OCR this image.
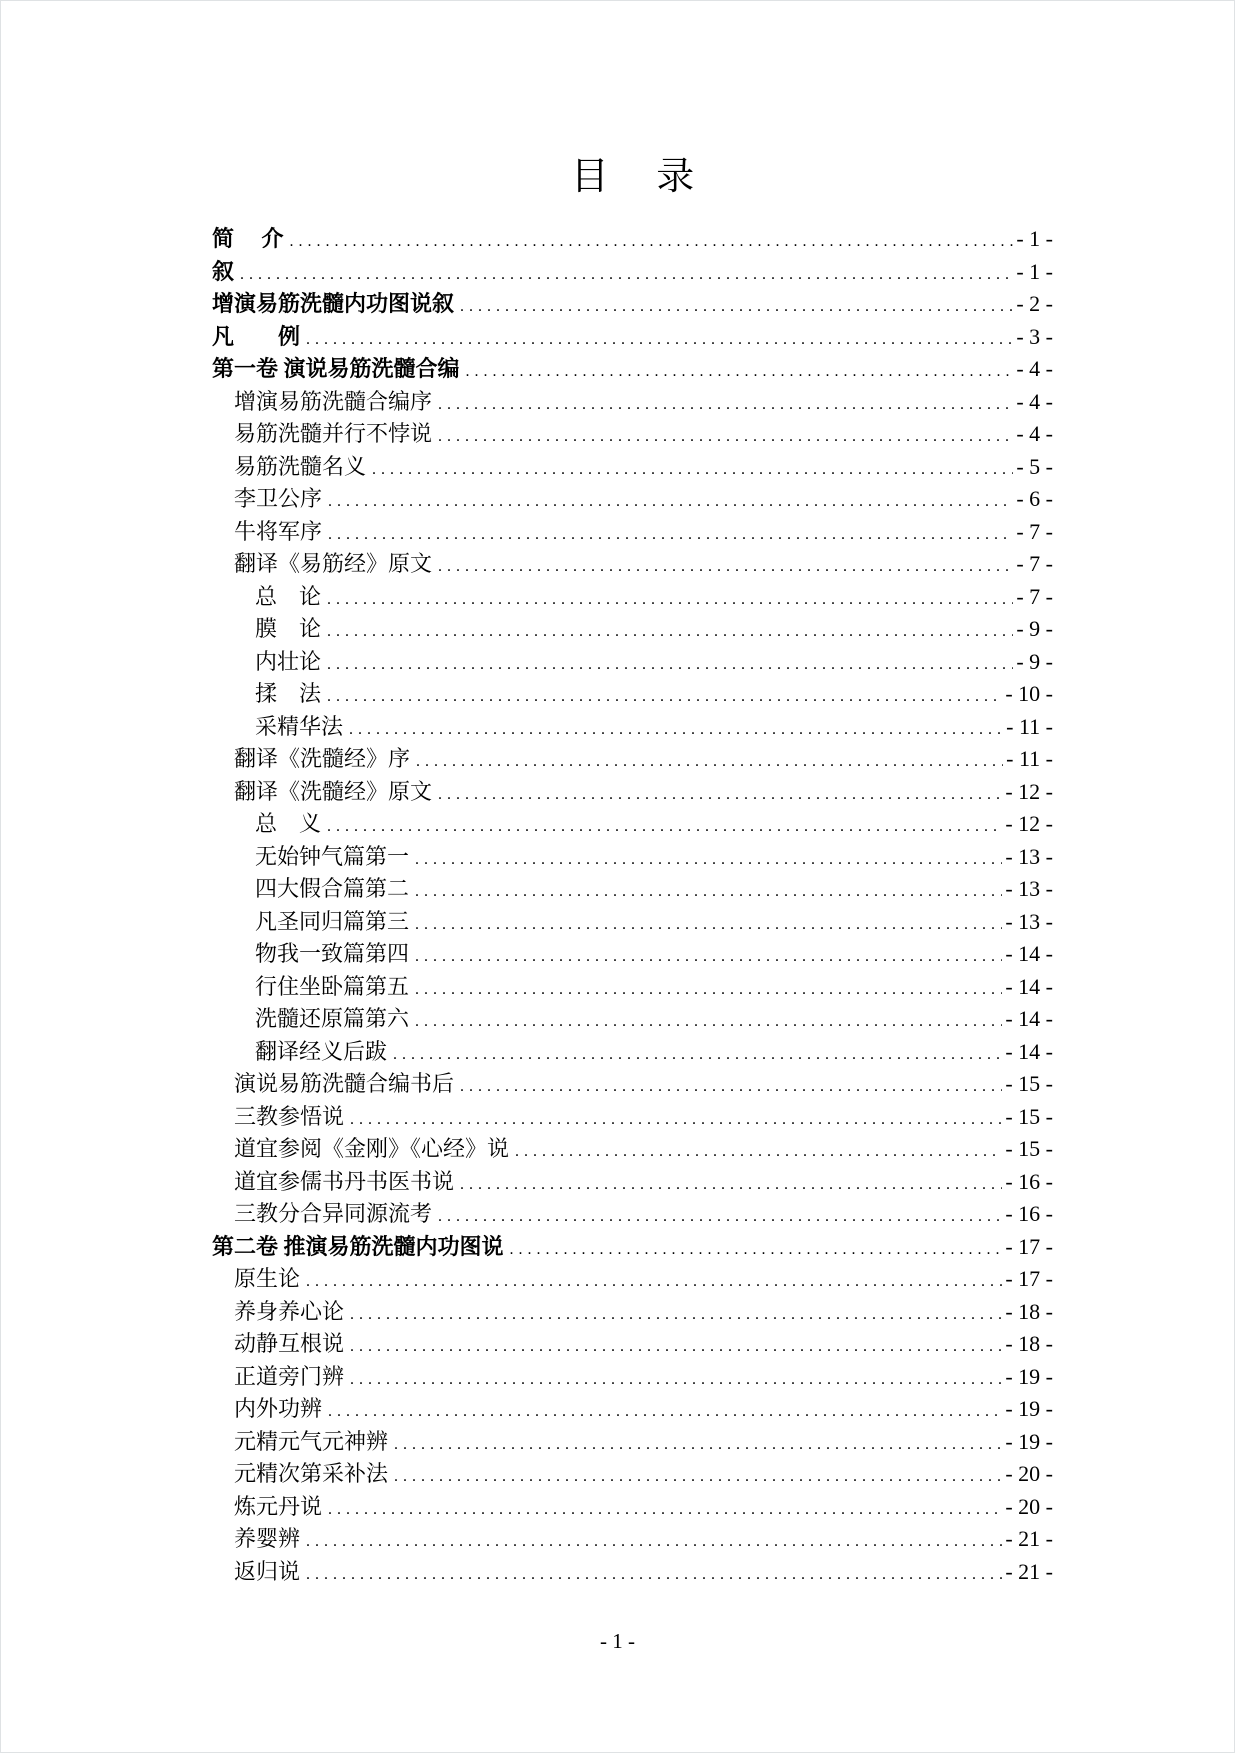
目　 录
简　 介 .....	- 1 -
叙 .....	- 1 -
增演易筋洗髓内功图说叙 .....	- 2 -
凡　　例 .....	- 3 -
第一卷 演说易筋洗髓合编 .....	- 4 -
增演易筋洗髓合编序 .....	- 4 -
易筋洗髓并行不悖说 .....	- 4 -
易筋洗髓名义 .....	- 5 -
李卫公序 .....	- 6 -
牛将军序 .....	- 7 -
翻译《易筋经》原文 .....	- 7 -
总　论 .....	- 7 -
膜　论 .....	- 9 -
内壮论 .....	- 9 -
揉　法 .....	- 10 -
采精华法 .....	- 11 -
翻译《洗髓经》序 .....	- 11 -
翻译《洗髓经》原文 .....	- 12 -
总　义 .....	- 12 -
无始钟气篇第一 .....	- 13 -
四大假合篇第二 .....	- 13 -
凡圣同归篇第三 .....	- 13 -
物我一致篇第四 .....	- 14 -
行住坐卧篇第五 .....	- 14 -
洗髓还原篇第六 .....	- 14 -
翻译经义后跋 .....	- 14 -
演说易筋洗髓合编书后 .....	- 15 -
三教参悟说 .....	- 15 -
道宜参阅《金刚》《心经》说 .....	- 15 -
道宜参儒书丹书医书说 .....	- 16 -
三教分合异同源流考 .....	- 16 -
第二卷 推演易筋洗髓内功图说 .....	- 17 -
原生论 .....	- 17 -
养身养心论 .....	- 18 -
动静互根说 .....	- 18 -
正道旁门辨 .....	- 19 -
内外功辨 .....	- 19 -
元精元气元神辨 .....	- 19 -
元精次第采补法 .....	- 20 -
炼元丹说 .....	- 20 -
养婴辨 .....	- 21 -
返归说 .....	- 21 -
- 1 -
